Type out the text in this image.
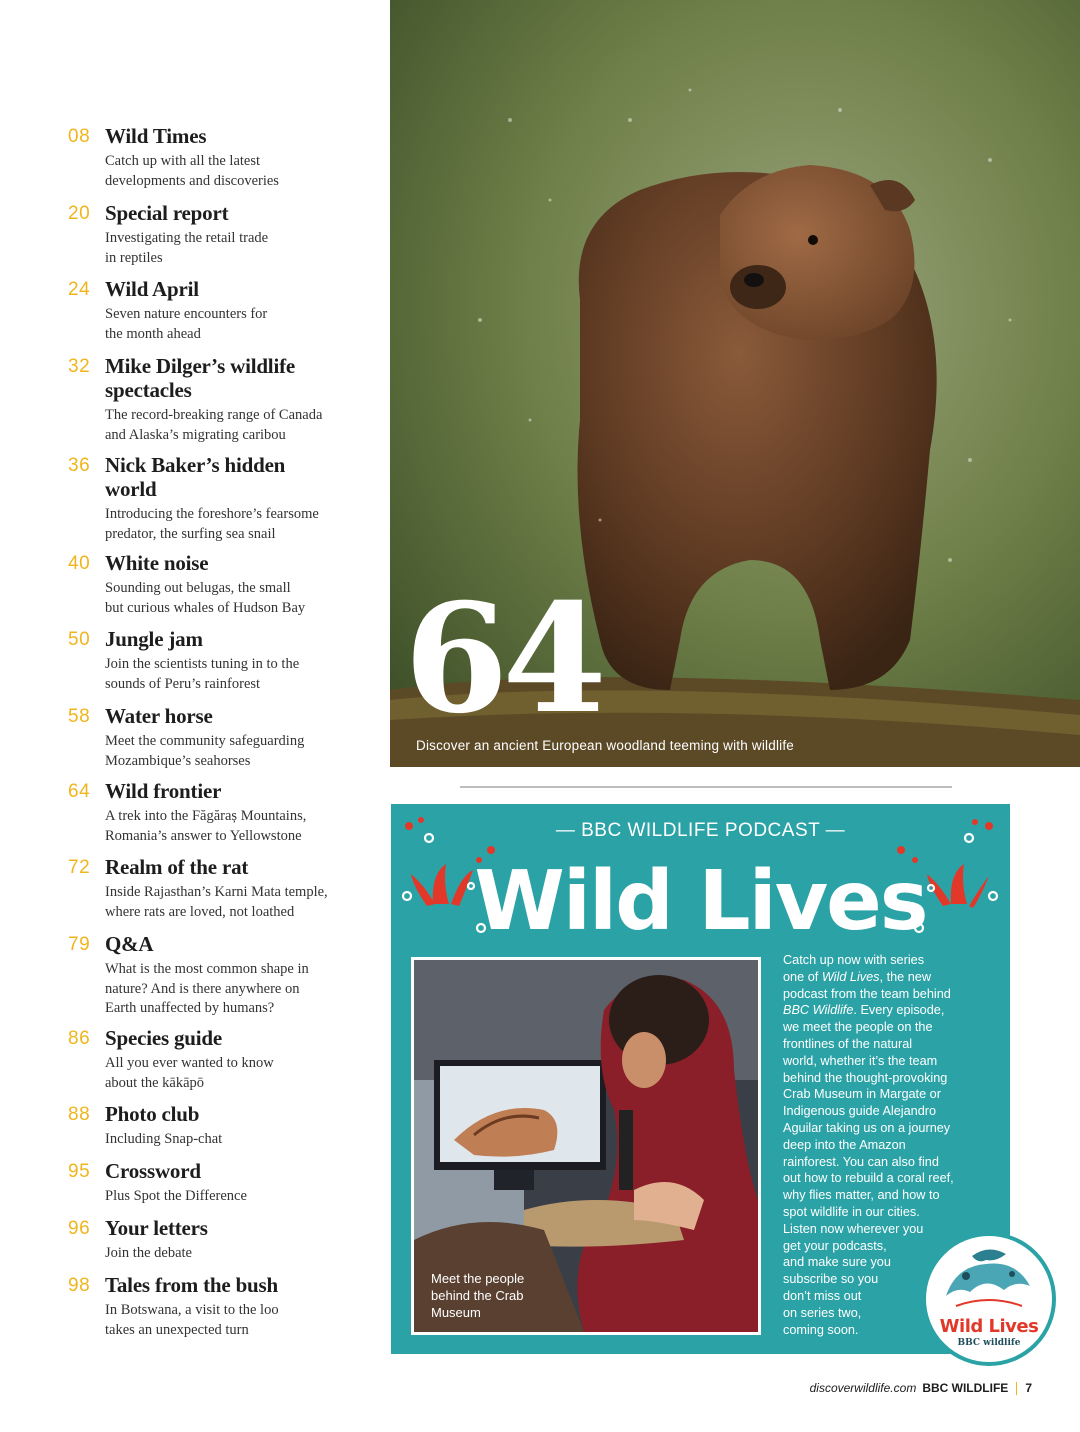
08 Wild Times
Catch up with all the latest
developments and discoveries
20 Special report
Investigating the retail trade
in reptiles
24 Wild April
Seven nature encounters for
the month ahead
32 Mike Dilger’s wildlife spectacles
The record-breaking range of Canada
and Alaska’s migrating caribou
36 Nick Baker’s hidden world
Introducing the foreshore’s fearsome
predator, the surfing sea snail
40 White noise
Sounding out belugas, the small
but curious whales of Hudson Bay
50 Jungle jam
Join the scientists tuning in to the
sounds of Peru’s rainforest
58 Water horse
Meet the community safeguarding
Mozambique’s seahorses
64 Wild frontier
A trek into the Făgăraș Mountains,
Romania’s answer to Yellowstone
72 Realm of the rat
Inside Rajasthan’s Karni Mata temple,
where rats are loved, not loathed
79 Q&A
What is the most common shape in
nature? And is there anywhere on
Earth unaffected by humans?
86 Species guide
All you ever wanted to know
about the kākāpō
88 Photo club
Including Snap-chat
95 Crossword
Plus Spot the Difference
96 Your letters
Join the debate
98 Tales from the bush
In Botswana, a visit to the loo
takes an unexpected turn
64
Discover an ancient European woodland teeming with wildlife
— BBC WILDLIFE PODCAST —
Wild Lives
Meet the people behind the Crab Museum
Catch up now with series
one of Wild Lives, the new
podcast from the team behind
BBC Wildlife. Every episode,
we meet the people on the
frontlines of the natural
world, whether it’s the team
behind the thought-provoking
Crab Museum in Margate or
Indigenous guide Alejandro
Aguilar taking us on a journey
deep into the Amazon
rainforest. You can also find
out how to rebuild a coral reef,
why flies matter, and how to
spot wildlife in our cities.
Listen now wherever you
get your podcasts,
and make sure you
subscribe so you
don’t miss out
on series two,
coming soon.	Wild Lives
BBC wildlife
discoverwildlife.com BBC WILDLIFE 7
